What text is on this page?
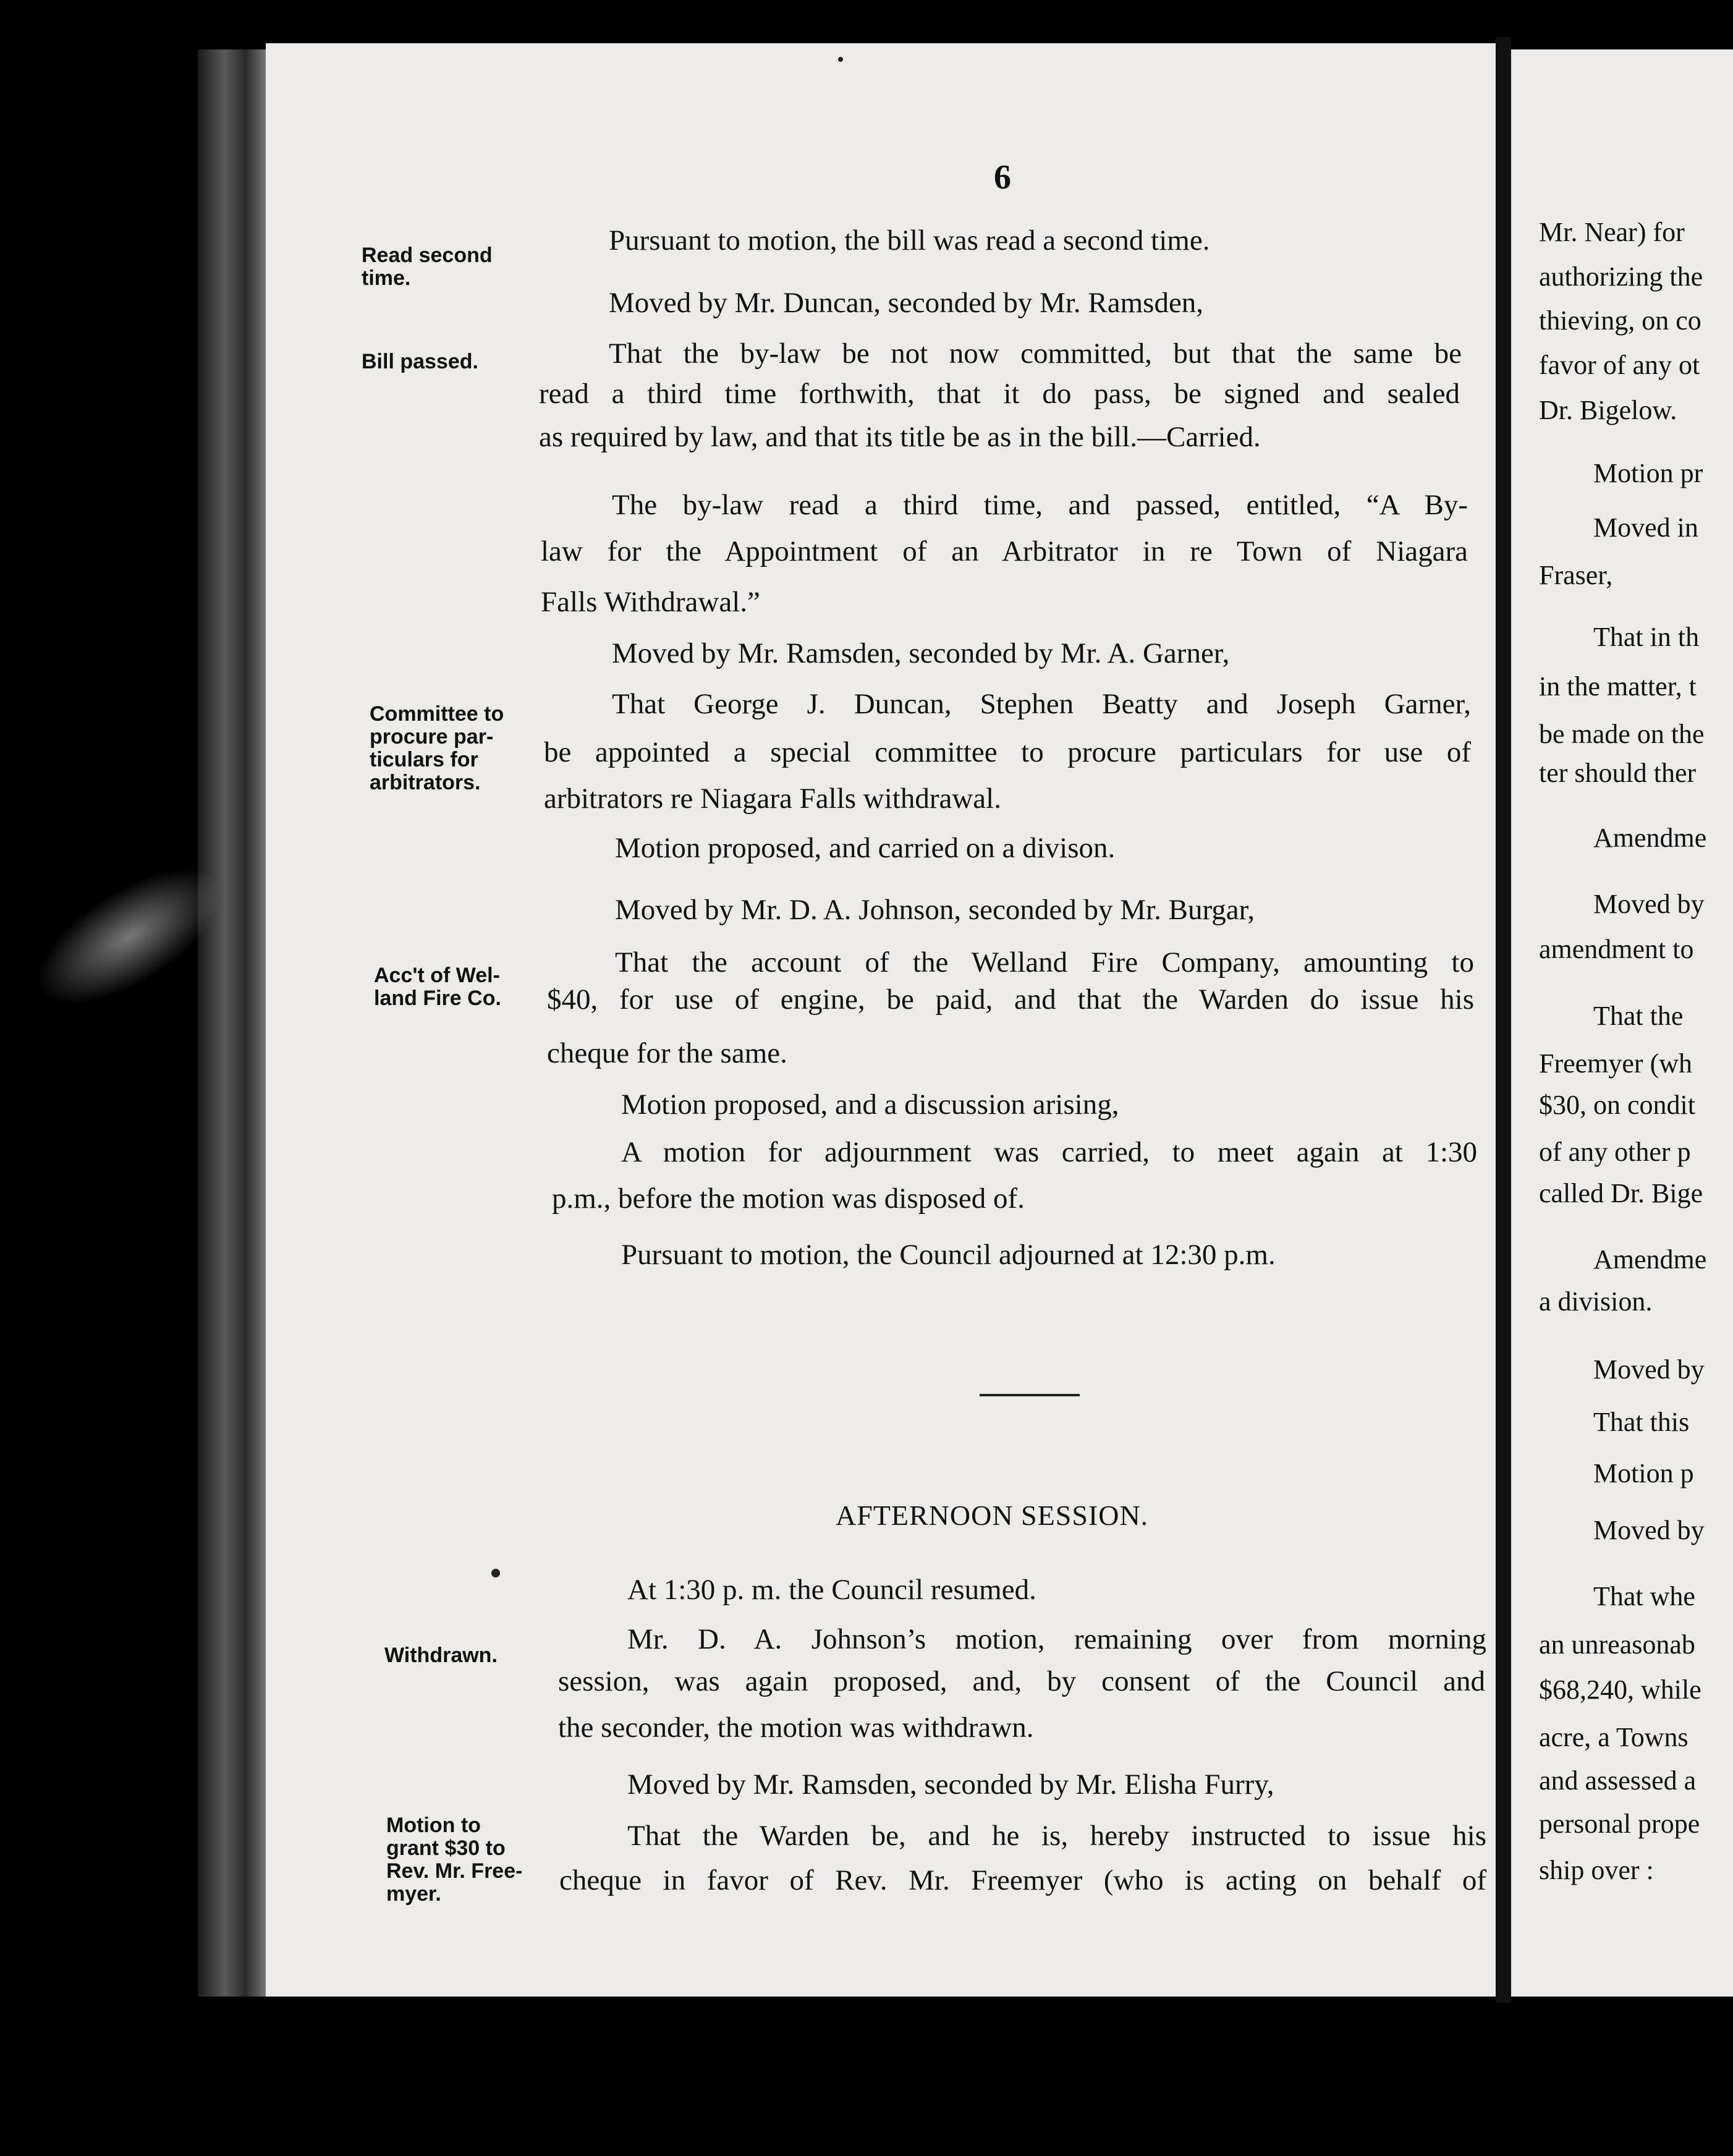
6
Read second
time.
Bill passed.
Committee to
procure par-
ticulars for
arbitrators.
Acc't of Wel-
land Fire Co.
Withdrawn.
Motion to
grant $30 to
Rev. Mr. Free-
myer.
Pursuant to motion, the bill was read a second time.
Moved by Mr. Duncan, seconded by Mr. Ramsden,
That the by-law be not now committed, but that the same be
read a third time forthwith, that it do pass, be signed and sealed
as required by law, and that its title be as in the bill.—Carried.
The by-law read a third time, and passed, entitled, “A By-
law for the Appointment of an Arbitrator in re Town of Niagara
Falls Withdrawal.”
Moved by Mr. Ramsden, seconded by Mr. A. Garner,
That George J. Duncan, Stephen Beatty and Joseph Garner,
be appointed a special committee to procure particulars for use of
arbitrators re Niagara Falls withdrawal.
Motion proposed, and carried on a divison.
Moved by Mr. D. A. Johnson, seconded by Mr. Burgar,
That the account of the Welland Fire Company, amounting to
$40, for use of engine, be paid, and that the Warden do issue his
cheque for the same.
Motion proposed, and a discussion arising,
A motion for adjournment was carried, to meet again at 1:30
p.m., before the motion was disposed of.
Pursuant to motion, the Council adjourned at 12:30 p.m.
AFTERNOON SESSION.
At 1:30 p. m. the Council resumed.
Mr. D. A. Johnson’s motion, remaining over from morning
session, was again proposed, and, by consent of the Council and
the seconder, the motion was withdrawn.
Moved by Mr. Ramsden, seconded by Mr. Elisha Furry,
That the Warden be, and he is, hereby instructed to issue his
cheque in favor of Rev. Mr. Freemyer (who is acting on behalf of
Mr. Near) for
authorizing the
thieving, on co
favor of any ot
Dr. Bigelow.
Motion pr
Moved in
Fraser,
That in th
in the matter, t
be made on the
ter should ther
Amendme
Moved by
amendment to
That the
Freemyer (wh
$30, on condit
of any other p
called Dr. Bige
Amendme
a division.
Moved by
That this
Motion p
Moved by
That whe
an unreasonab
$68,240, while
acre, a Towns
and assessed a
personal prope
ship over :
